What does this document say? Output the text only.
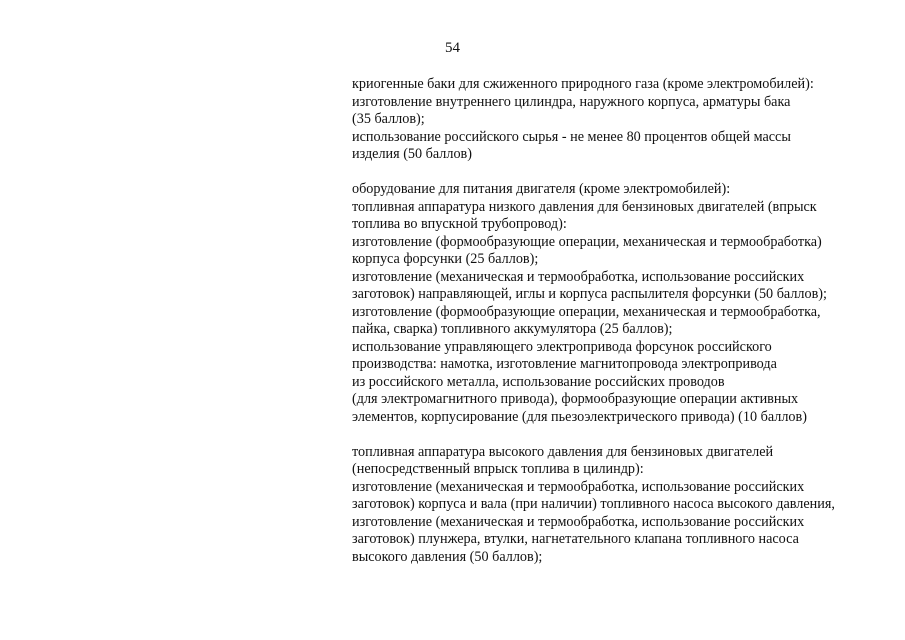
54
криогенные баки для сжиженного природного газа (кроме электромобилей):
изготовление внутреннего цилиндра, наружного корпуса, арматуры бака
(35 баллов);
использование российского сырья - не менее 80 процентов общей массы
изделия (50 баллов)
оборудование для питания двигателя (кроме электромобилей):
топливная аппаратура низкого давления для бензиновых двигателей (впрыск
топлива во впускной трубопровод):
изготовление (формообразующие операции, механическая и термообработка)
корпуса форсунки (25 баллов);
изготовление (механическая и термообработка, использование российских
заготовок) направляющей, иглы и корпуса распылителя форсунки (50 баллов);
изготовление (формообразующие операции, механическая и термообработка,
пайка, сварка) топливного аккумулятора (25 баллов);
использование управляющего электропривода форсунок российского
производства: намотка, изготовление магнитопровода электропривода
из российского металла, использование российских проводов
(для электромагнитного привода), формообразующие операции активных
элементов, корпусирование (для пьезоэлектрического привода) (10 баллов)
топливная аппаратура высокого давления для бензиновых двигателей
(непосредственный впрыск топлива в цилиндр):
изготовление (механическая и термообработка, использование российских
заготовок) корпуса и вала (при наличии) топливного насоса высокого давления,
изготовление (механическая и термообработка, использование российских
заготовок) плунжера, втулки, нагнетательного клапана топливного насоса
высокого давления (50 баллов);
